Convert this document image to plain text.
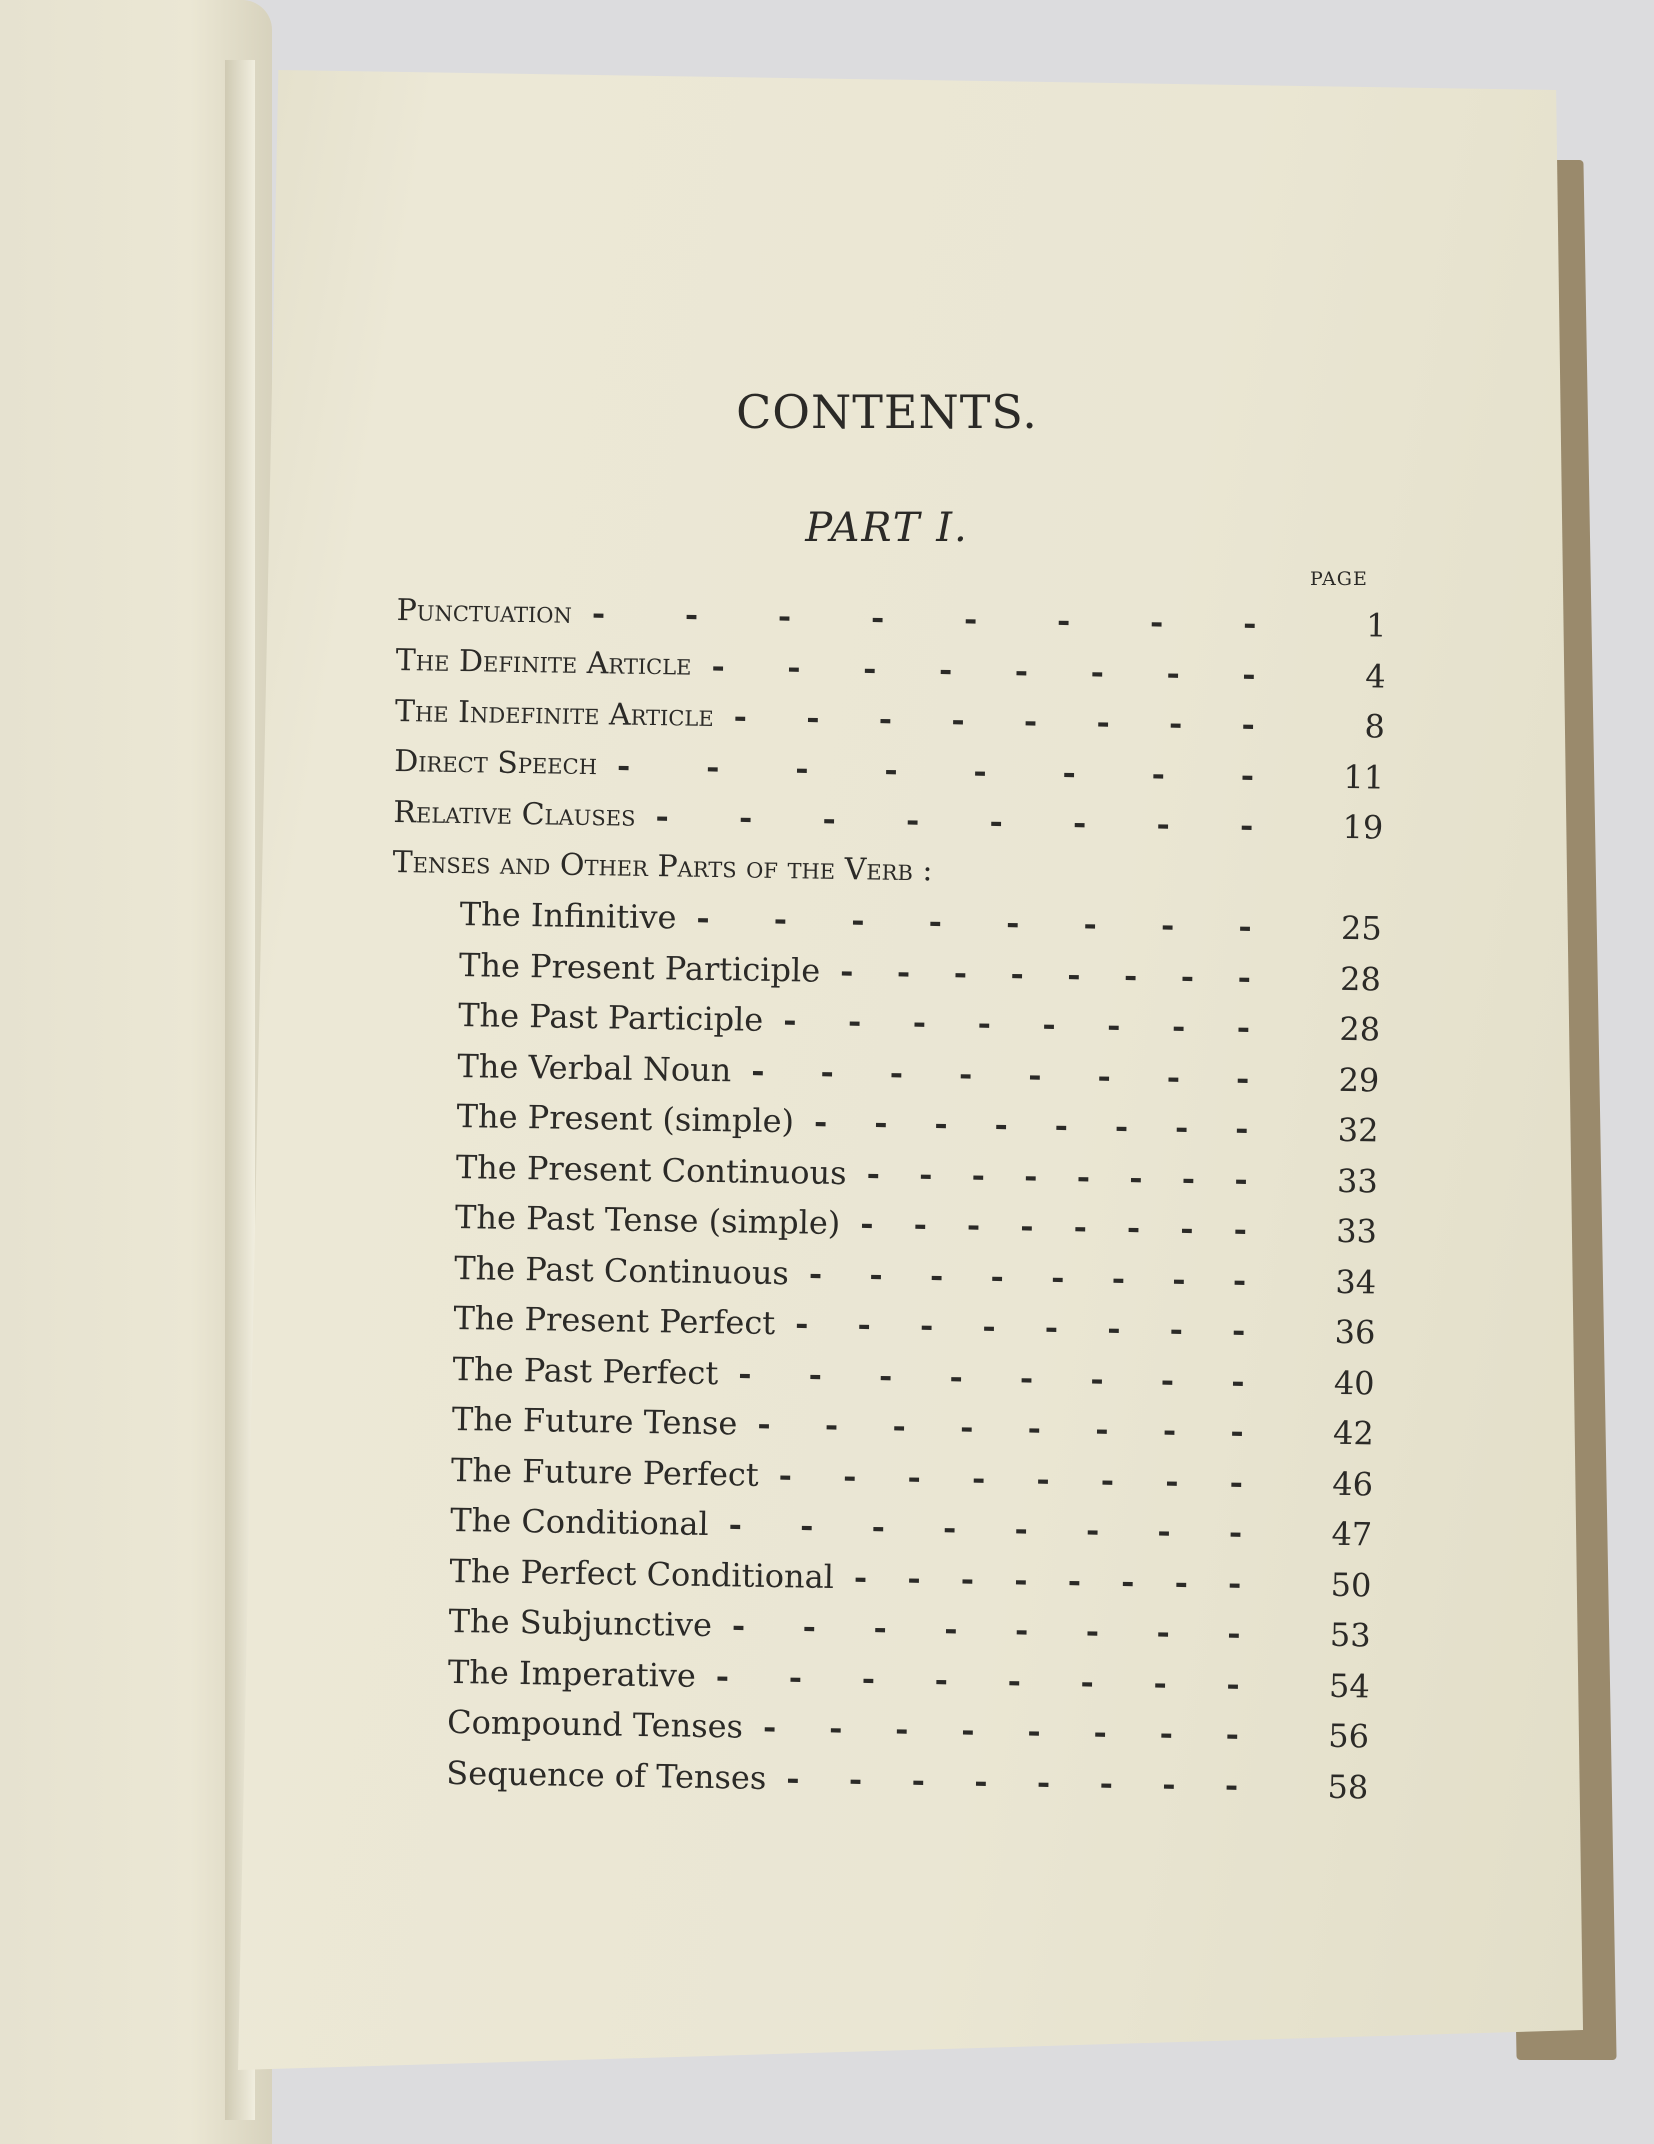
CONTENTS.
PART I.
PAGE
Punctuation - - - - - - - -	1
The Definite Article - - - - - - - -	4
The Indefinite Article - - - - - - - -	8
Direct Speech - - - - - - - -	11
Relative Clauses - - - - - - - -	19
Tenses and Other Parts of the Verb :
The Infinitive - - - - - - - -	25
The Present Participle - - - - - - - -	28
The Past Participle - - - - - - - -	28
The Verbal Noun - - - - - - - -	29
The Present (simple) - - - - - - - -	32
The Present Continuous - - - - - - - -	33
The Past Tense (simple) - - - - - - - -	33
The Past Continuous - - - - - - - -	34
The Present Perfect - - - - - - - -	36
The Past Perfect - - - - - - - -	40
The Future Tense - - - - - - - -	42
The Future Perfect - - - - - - - -	46
The Conditional - - - - - - - -	47
The Perfect Conditional - - - - - - - -	50
The Subjunctive - - - - - - - -	53
The Imperative - - - - - - - -	54
Compound Tenses - - - - - - - -	56
Sequence of Tenses - - - - - - - -	58
